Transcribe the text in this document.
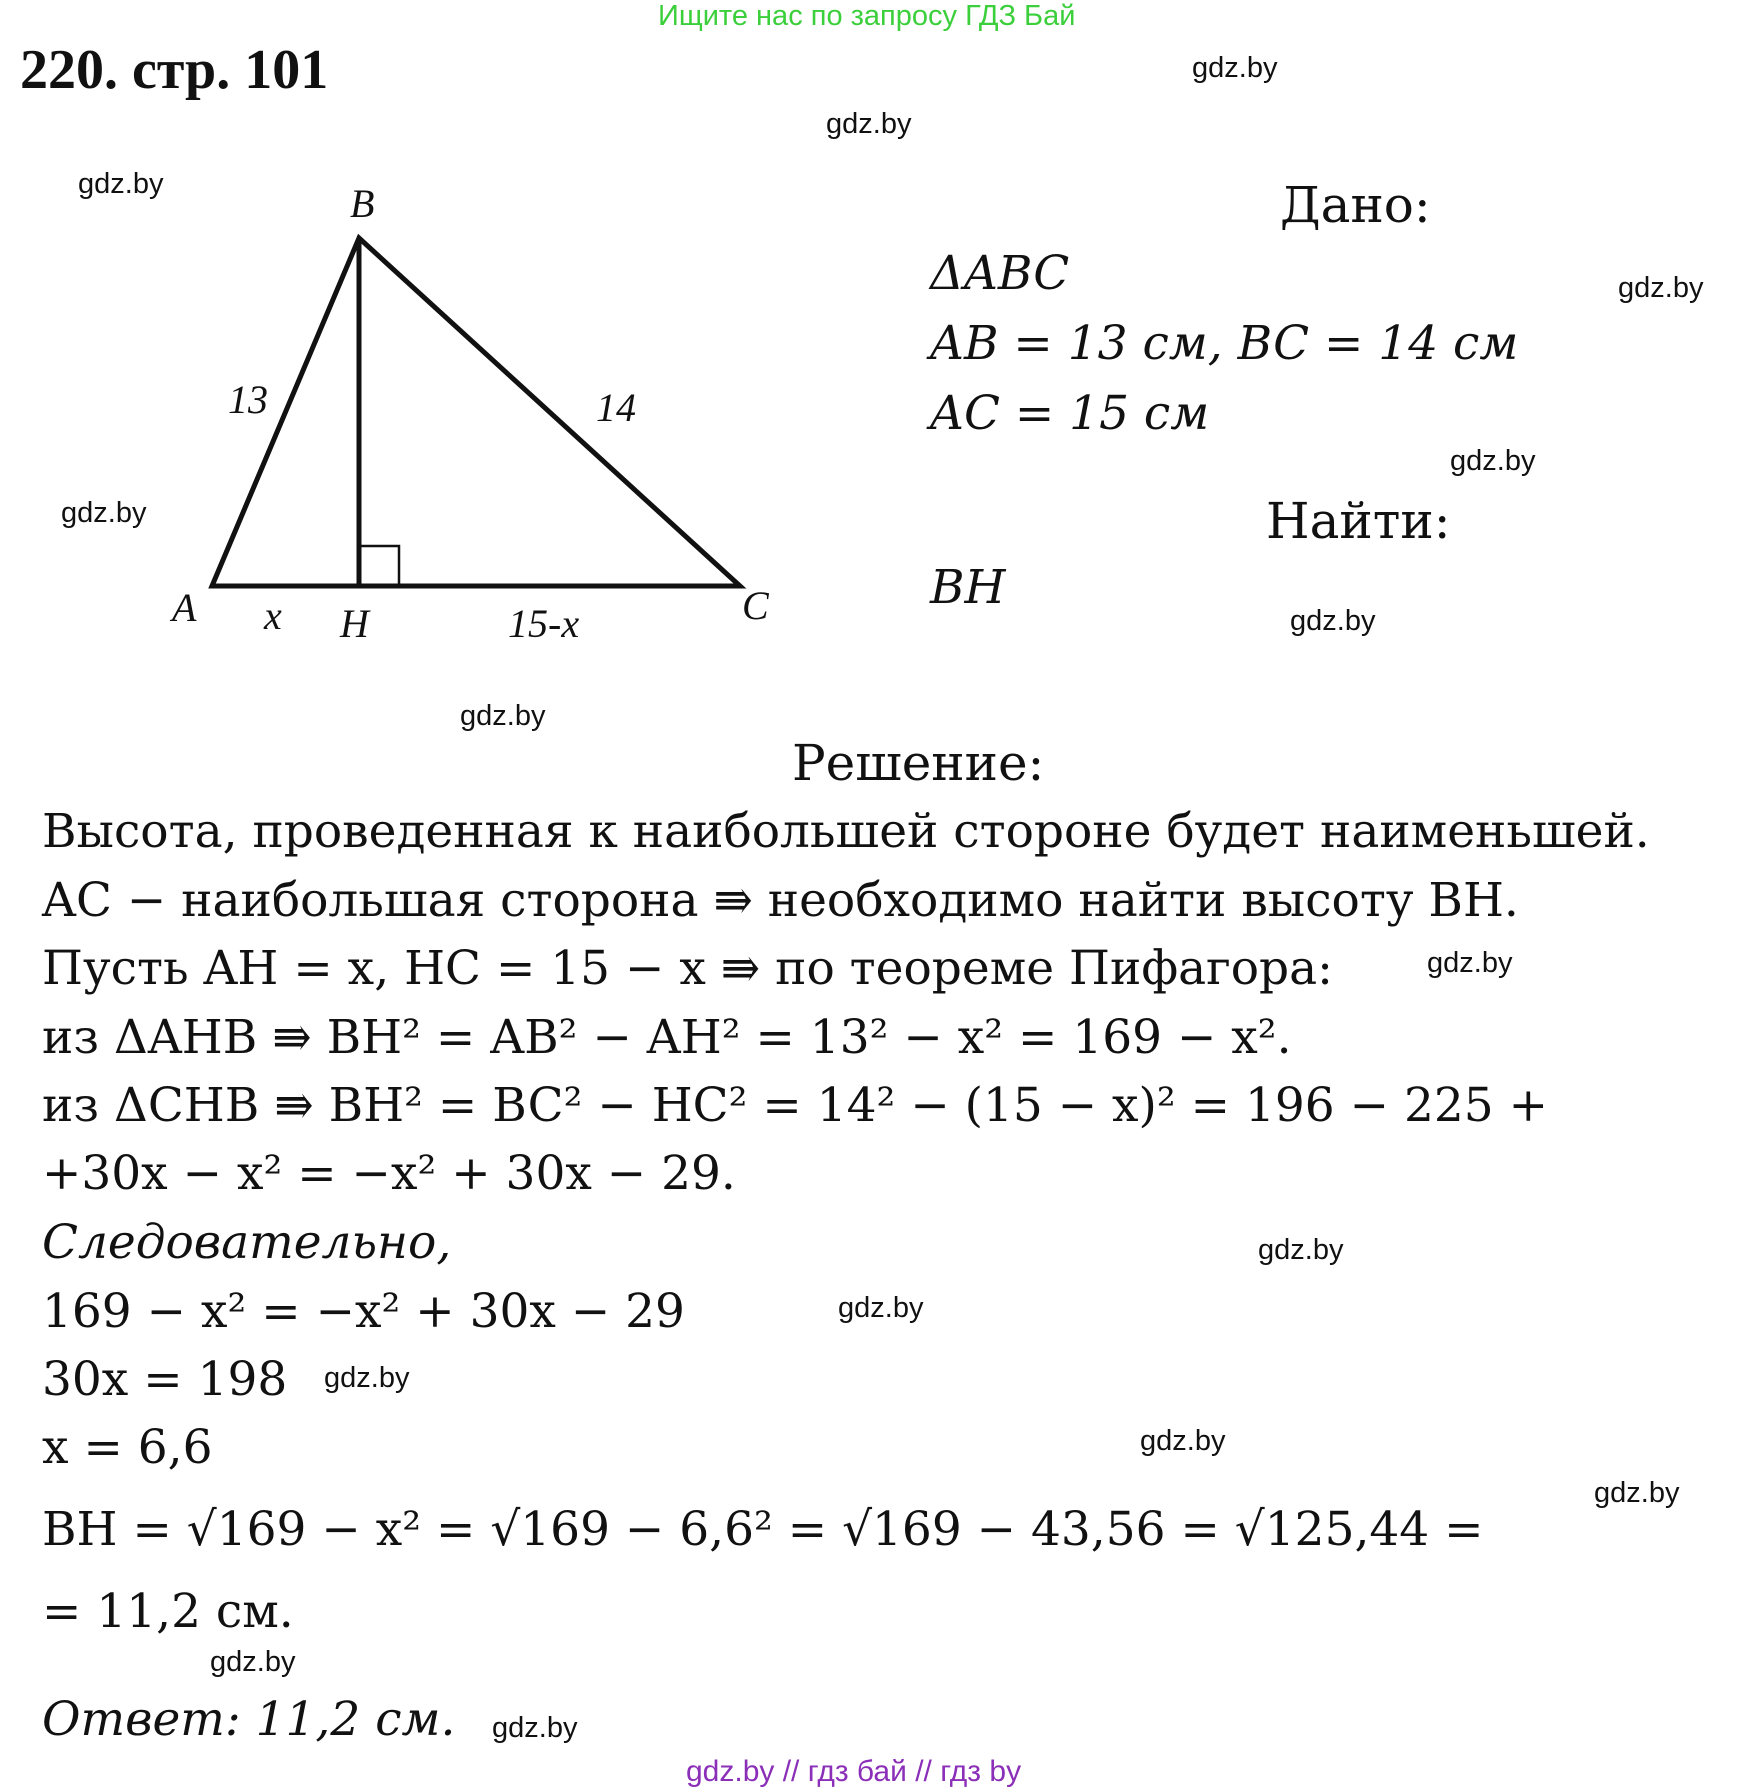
Ищите нас по запросу ГДЗ Бай
220. стр. 101	gdz.by
gdz.by
gdz.by
gdz.by
gdz.by
gdz.by
gdz.by
gdz.by
gdz.by
gdz.by
gdz.by
gdz.by
gdz.by
gdz.by
gdz.by
gdz.by
B
A	H	C
13	14
x	15-x
Дано:
ΔABC
AB = 13 см, BC = 14 см
AC = 15 см
Найти:
BH
Решение:
Высота, проведенная к наибольшей стороне будет наименьшей.
AC − наибольшая сторона ⇛ необходимо найти высоту BH.
Пусть AH = x, HC = 15 − x ⇛ по теореме Пифагора:
из ΔAHB ⇛ BH² = AB² − AH² = 13² − x² = 169 − x².
из ΔCHB ⇛ BH² = BC² − HC² = 14² − (15 − x)² = 196 − 225 +
+30x − x² = −x² + 30x − 29.
Следовательно,
169 − x² = −x² + 30x − 29
30x = 198
x = 6,6
BH = √169 − x² = √169 − 6,6² = √169 − 43,56 = √125,44 =
= 11,2 см.
Ответ: 11,2 см.
gdz.by // гдз бай // гдз by
